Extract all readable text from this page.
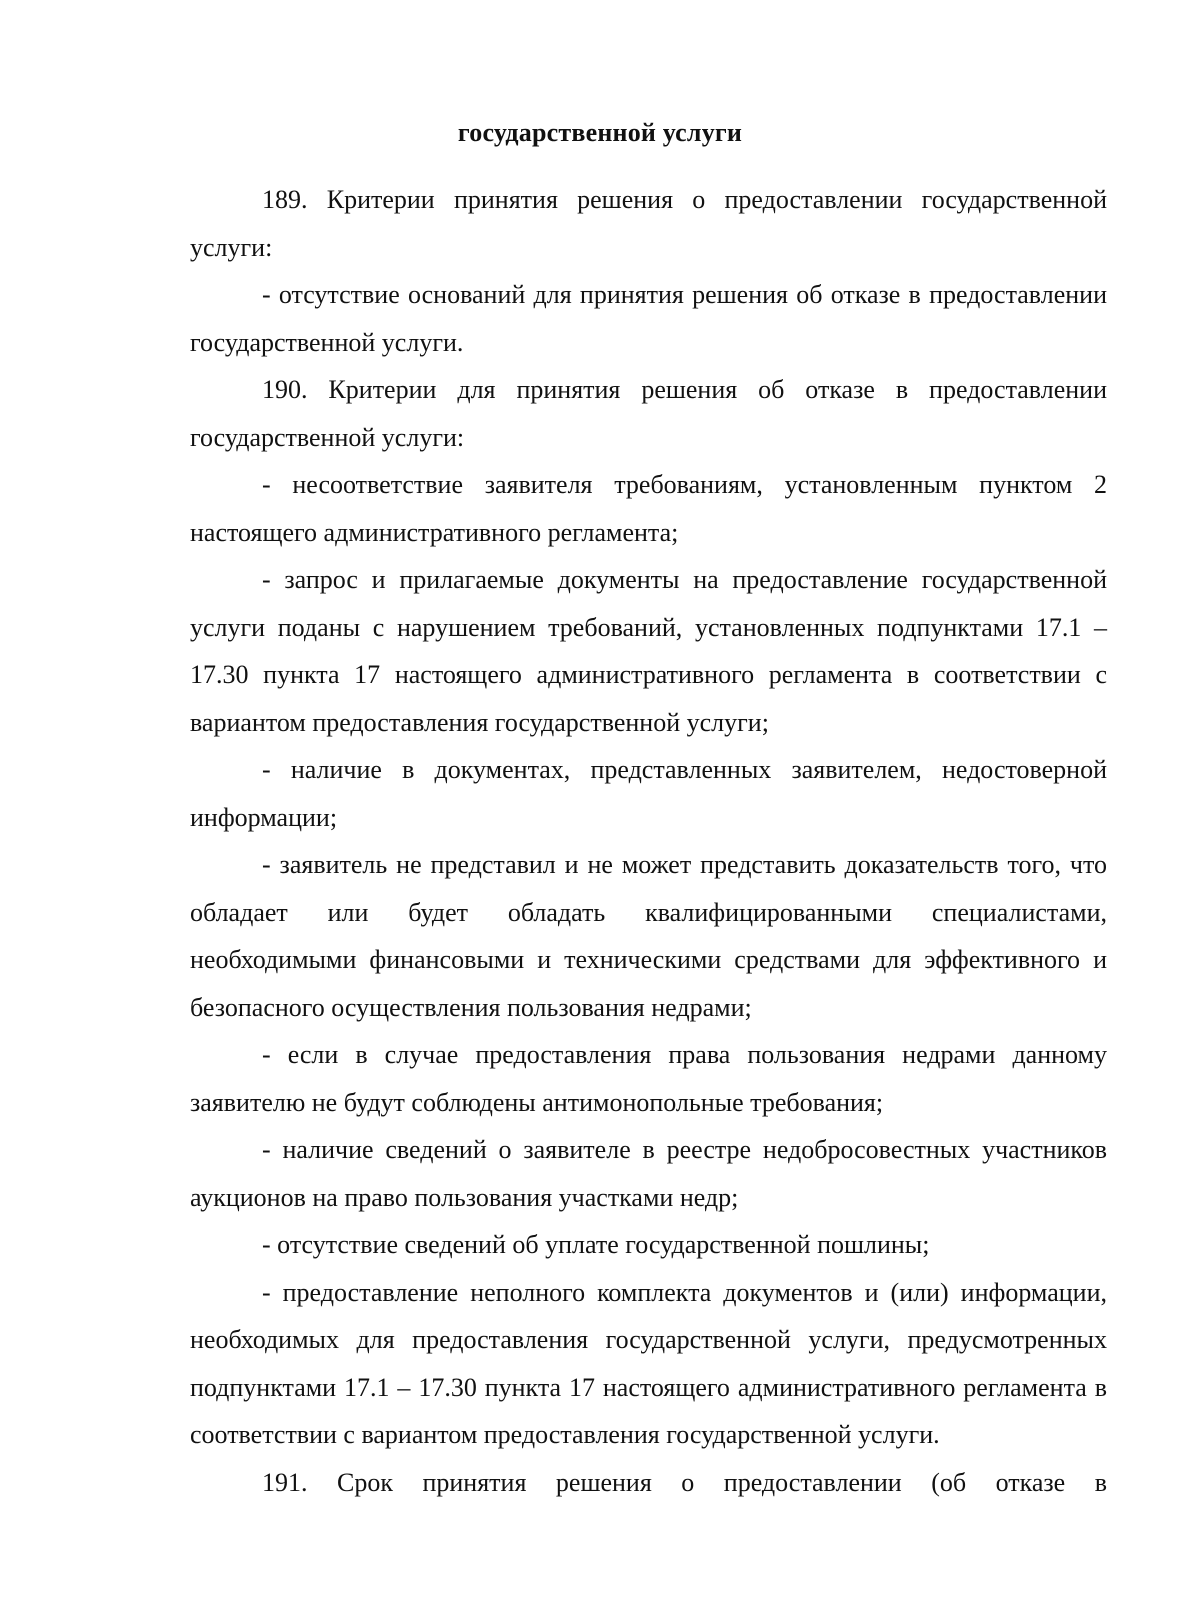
государственной услуги

189. Критерии принятия решения о предоставлении государственной услуги:

- отсутствие оснований для принятия решения об отказе в предоставлении государственной услуги.

190. Критерии для принятия решения об отказе в предоставлении государственной услуги:

- несоответствие заявителя требованиям, установленным пунктом 2 настоящего административного регламента;

- запрос и прилагаемые документы на предоставление государственной услуги поданы с нарушением требований, установленных подпунктами 17.1 – 17.30 пункта 17 настоящего административного регламента в соответствии с вариантом предоставления государственной услуги;

- наличие в документах, представленных заявителем, недостоверной информации;

- заявитель не представил и не может представить доказательств того, что обладает или будет обладать квалифицированными специалистами, необходимыми финансовыми и техническими средствами для эффективного и безопасного осуществления пользования недрами;

- если в случае предоставления права пользования недрами данному заявителю не будут соблюдены антимонопольные требования;

- наличие сведений о заявителе в реестре недобросовестных участников аукционов на право пользования участками недр;

- отсутствие сведений об уплате государственной пошлины;

- предоставление неполного комплекта документов и (или) информации, необходимых для предоставления государственной услуги, предусмотренных подпунктами 17.1 – 17.30 пункта 17 настоящего административного регламента в соответствии с вариантом предоставления государственной услуги.

191. Срок принятия решения о предоставлении (об отказе в
